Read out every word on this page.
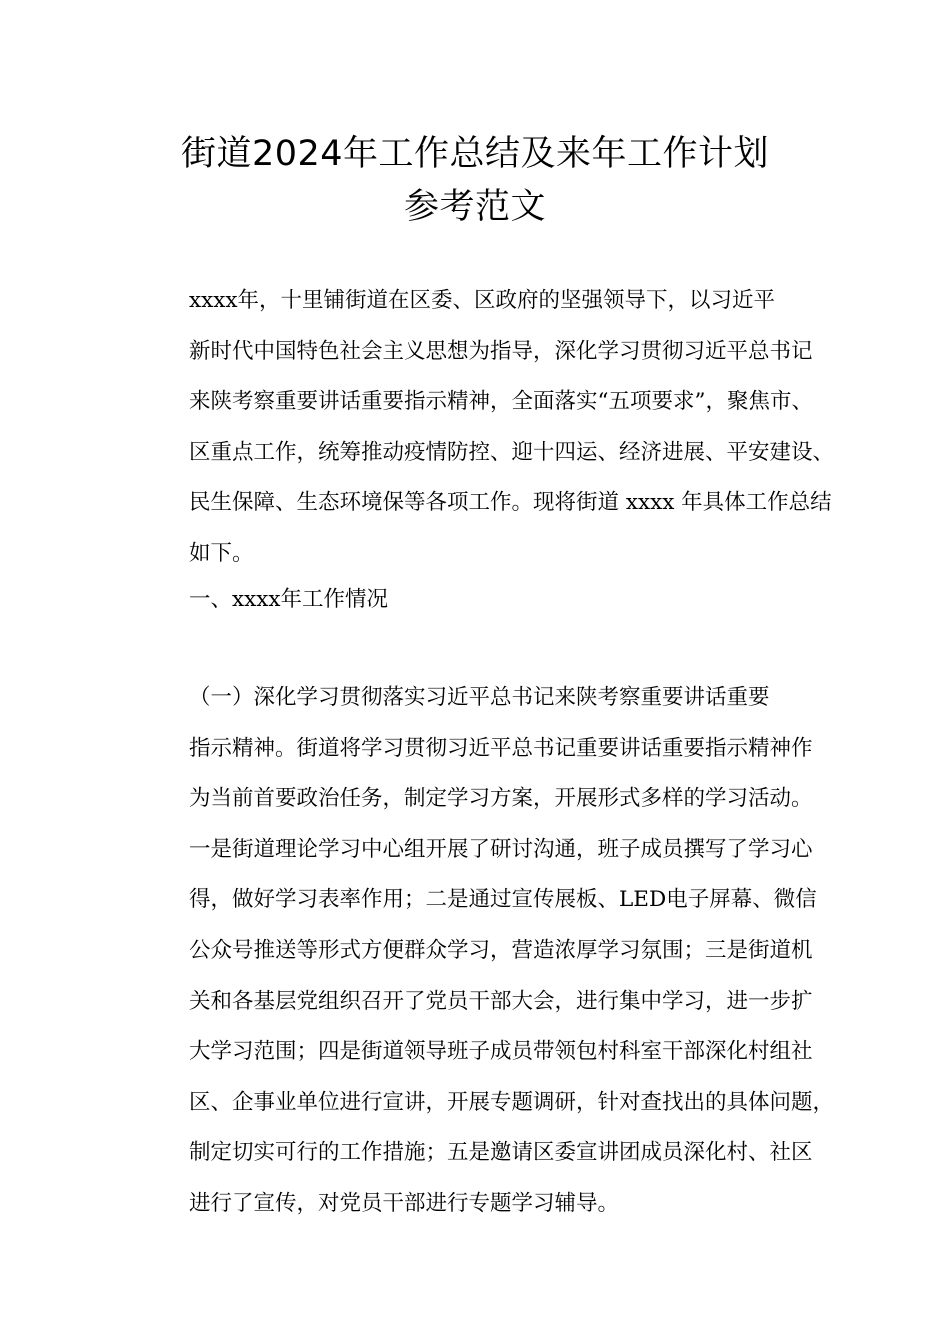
街道2024年工作总结及来年工作计划
参考范文
xxxx年，十里铺街道在区委、区政府的坚强领导下，以习近平
新时代中国特色社会主义思想为指导，深化学习贯彻习近平总书记
来陕考察重要讲话重要指示精神，全面落实“五项要求”，聚焦市、
区重点工作，统筹推动疫情防控、迎十四运、经济进展、平安建设、
民生保障、生态环境保等各项工作。现将街道 xxxx 年具体工作总结
如下。
一、xxxx年工作情况
（一）深化学习贯彻落实习近平总书记来陕考察重要讲话重要
指示精神。街道将学习贯彻习近平总书记重要讲话重要指示精神作
为当前首要政治任务，制定学习方案，开展形式多样的学习活动。
一是街道理论学习中心组开展了研讨沟通，班子成员撰写了学习心
得，做好学习表率作用；二是通过宣传展板、LED电子屏幕、微信
公众号推送等形式方便群众学习，营造浓厚学习氛围；三是街道机
关和各基层党组织召开了党员干部大会，进行集中学习，进一步扩
大学习范围；四是街道领导班子成员带领包村科室干部深化村组社
区、企事业单位进行宣讲，开展专题调研，针对查找出的具体问题，
制定切实可行的工作措施；五是邀请区委宣讲团成员深化村、社区
进行了宣传，对党员干部进行专题学习辅导。
